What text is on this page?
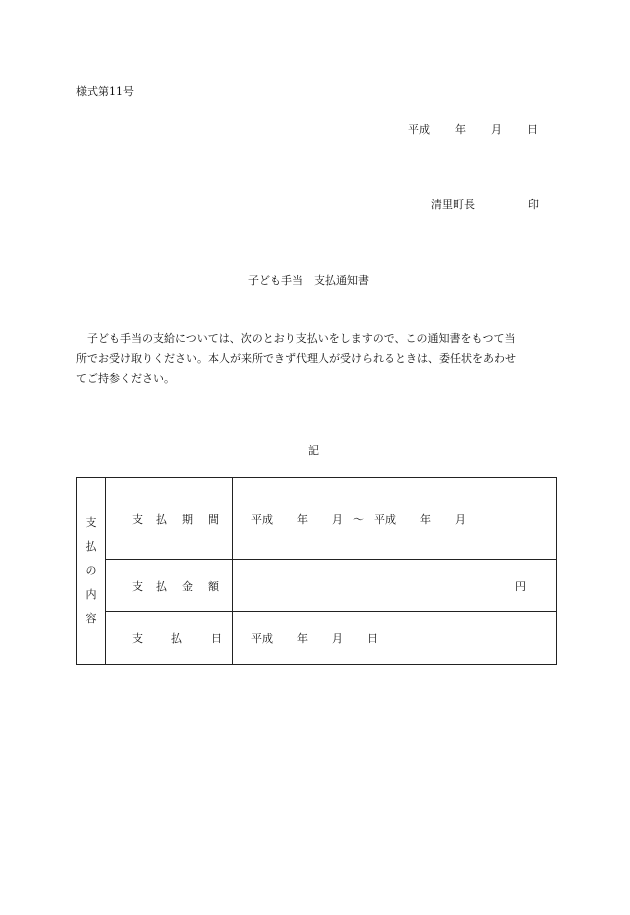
様式第11号
平成 年 月 日
清里町長	印
子ども手当　支払通知書
子ども手当の支給については、次のとおり支払いをしますので、この通知書をもつて当
所でお受け取りください。本人が来所できず代理人が受けられるときは、委任状をあわせ
てご持参ください。
記
支
払
の
内
容	支 払 期 間	平成 年 月 〜 平成 年 月
	支 払 金 額	円

	支 払 日	平成 年 月 日
